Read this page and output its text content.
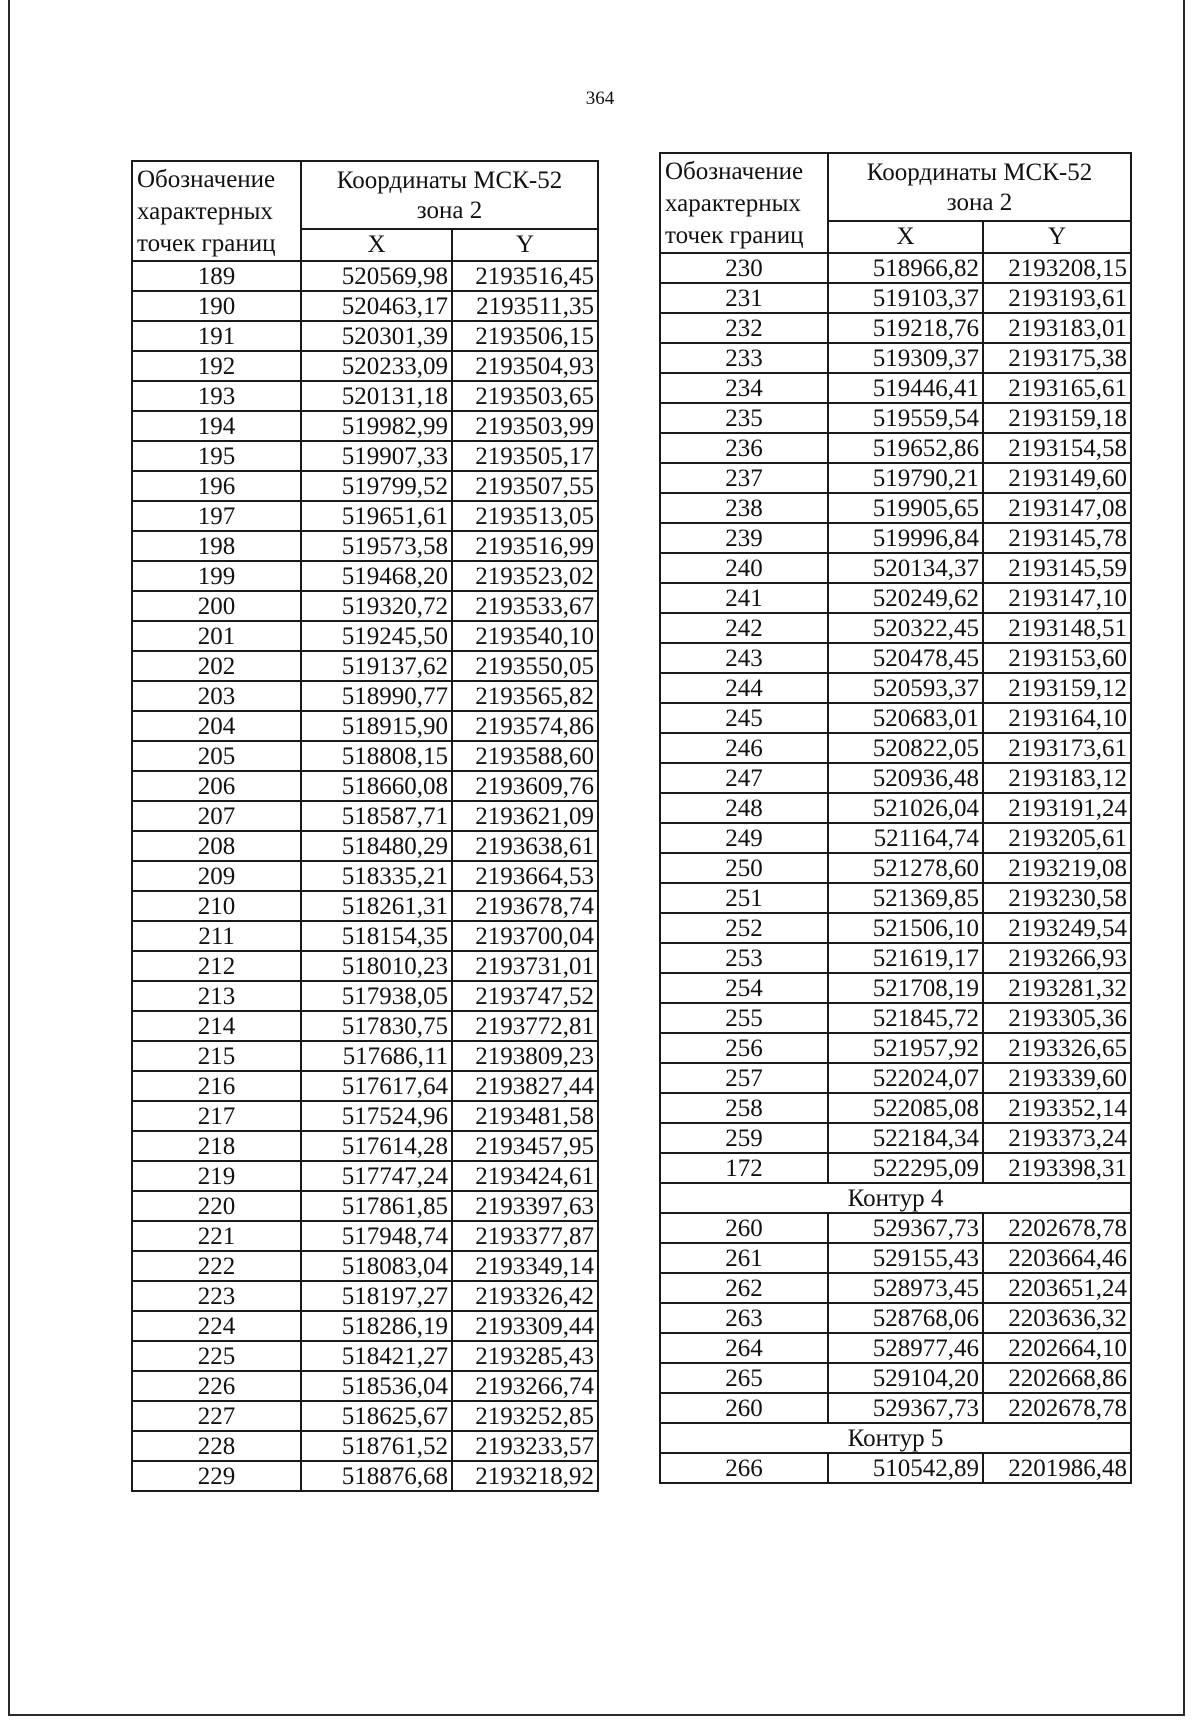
364
Обозначение
характерных
точек границ	Координаты МСК-52
зона 2	
	X	Y
189	520569,98	2193516,45
190	520463,17	2193511,35
191	520301,39	2193506,15
192	520233,09	2193504,93
193	520131,18	2193503,65
194	519982,99	2193503,99
195	519907,33	2193505,17
196	519799,52	2193507,55
197	519651,61	2193513,05
198	519573,58	2193516,99
199	519468,20	2193523,02
200	519320,72	2193533,67
201	519245,50	2193540,10
202	519137,62	2193550,05
203	518990,77	2193565,82
204	518915,90	2193574,86
205	518808,15	2193588,60
206	518660,08	2193609,76
207	518587,71	2193621,09
208	518480,29	2193638,61
209	518335,21	2193664,53
210	518261,31	2193678,74
211	518154,35	2193700,04
212	518010,23	2193731,01
213	517938,05	2193747,52
214	517830,75	2193772,81
215	517686,11	2193809,23
216	517617,64	2193827,44
217	517524,96	2193481,58
218	517614,28	2193457,95
219	517747,24	2193424,61
220	517861,85	2193397,63
221	517948,74	2193377,87
222	518083,04	2193349,14
223	518197,27	2193326,42
224	518286,19	2193309,44
225	518421,27	2193285,43
226	518536,04	2193266,74
227	518625,67	2193252,85
228	518761,52	2193233,57
229	518876,68	2193218,92
Обозначение
характерных
точек границ	Координаты МСК-52
зона 2	
	X	Y
230	518966,82	2193208,15
231	519103,37	2193193,61
232	519218,76	2193183,01
233	519309,37	2193175,38
234	519446,41	2193165,61
235	519559,54	2193159,18
236	519652,86	2193154,58
237	519790,21	2193149,60
238	519905,65	2193147,08
239	519996,84	2193145,78
240	520134,37	2193145,59
241	520249,62	2193147,10
242	520322,45	2193148,51
243	520478,45	2193153,60
244	520593,37	2193159,12
245	520683,01	2193164,10
246	520822,05	2193173,61
247	520936,48	2193183,12
248	521026,04	2193191,24
249	521164,74	2193205,61
250	521278,60	2193219,08
251	521369,85	2193230,58
252	521506,10	2193249,54
253	521619,17	2193266,93
254	521708,19	2193281,32
255	521845,72	2193305,36
256	521957,92	2193326,65
257	522024,07	2193339,60
258	522085,08	2193352,14
259	522184,34	2193373,24
172	522295,09	2193398,31
Контур 4		
260	529367,73	2202678,78
261	529155,43	2203664,46
262	528973,45	2203651,24
263	528768,06	2203636,32
264	528977,46	2202664,10
265	529104,20	2202668,86
260	529367,73	2202678,78
Контур 5		
266	510542,89	2201986,48
